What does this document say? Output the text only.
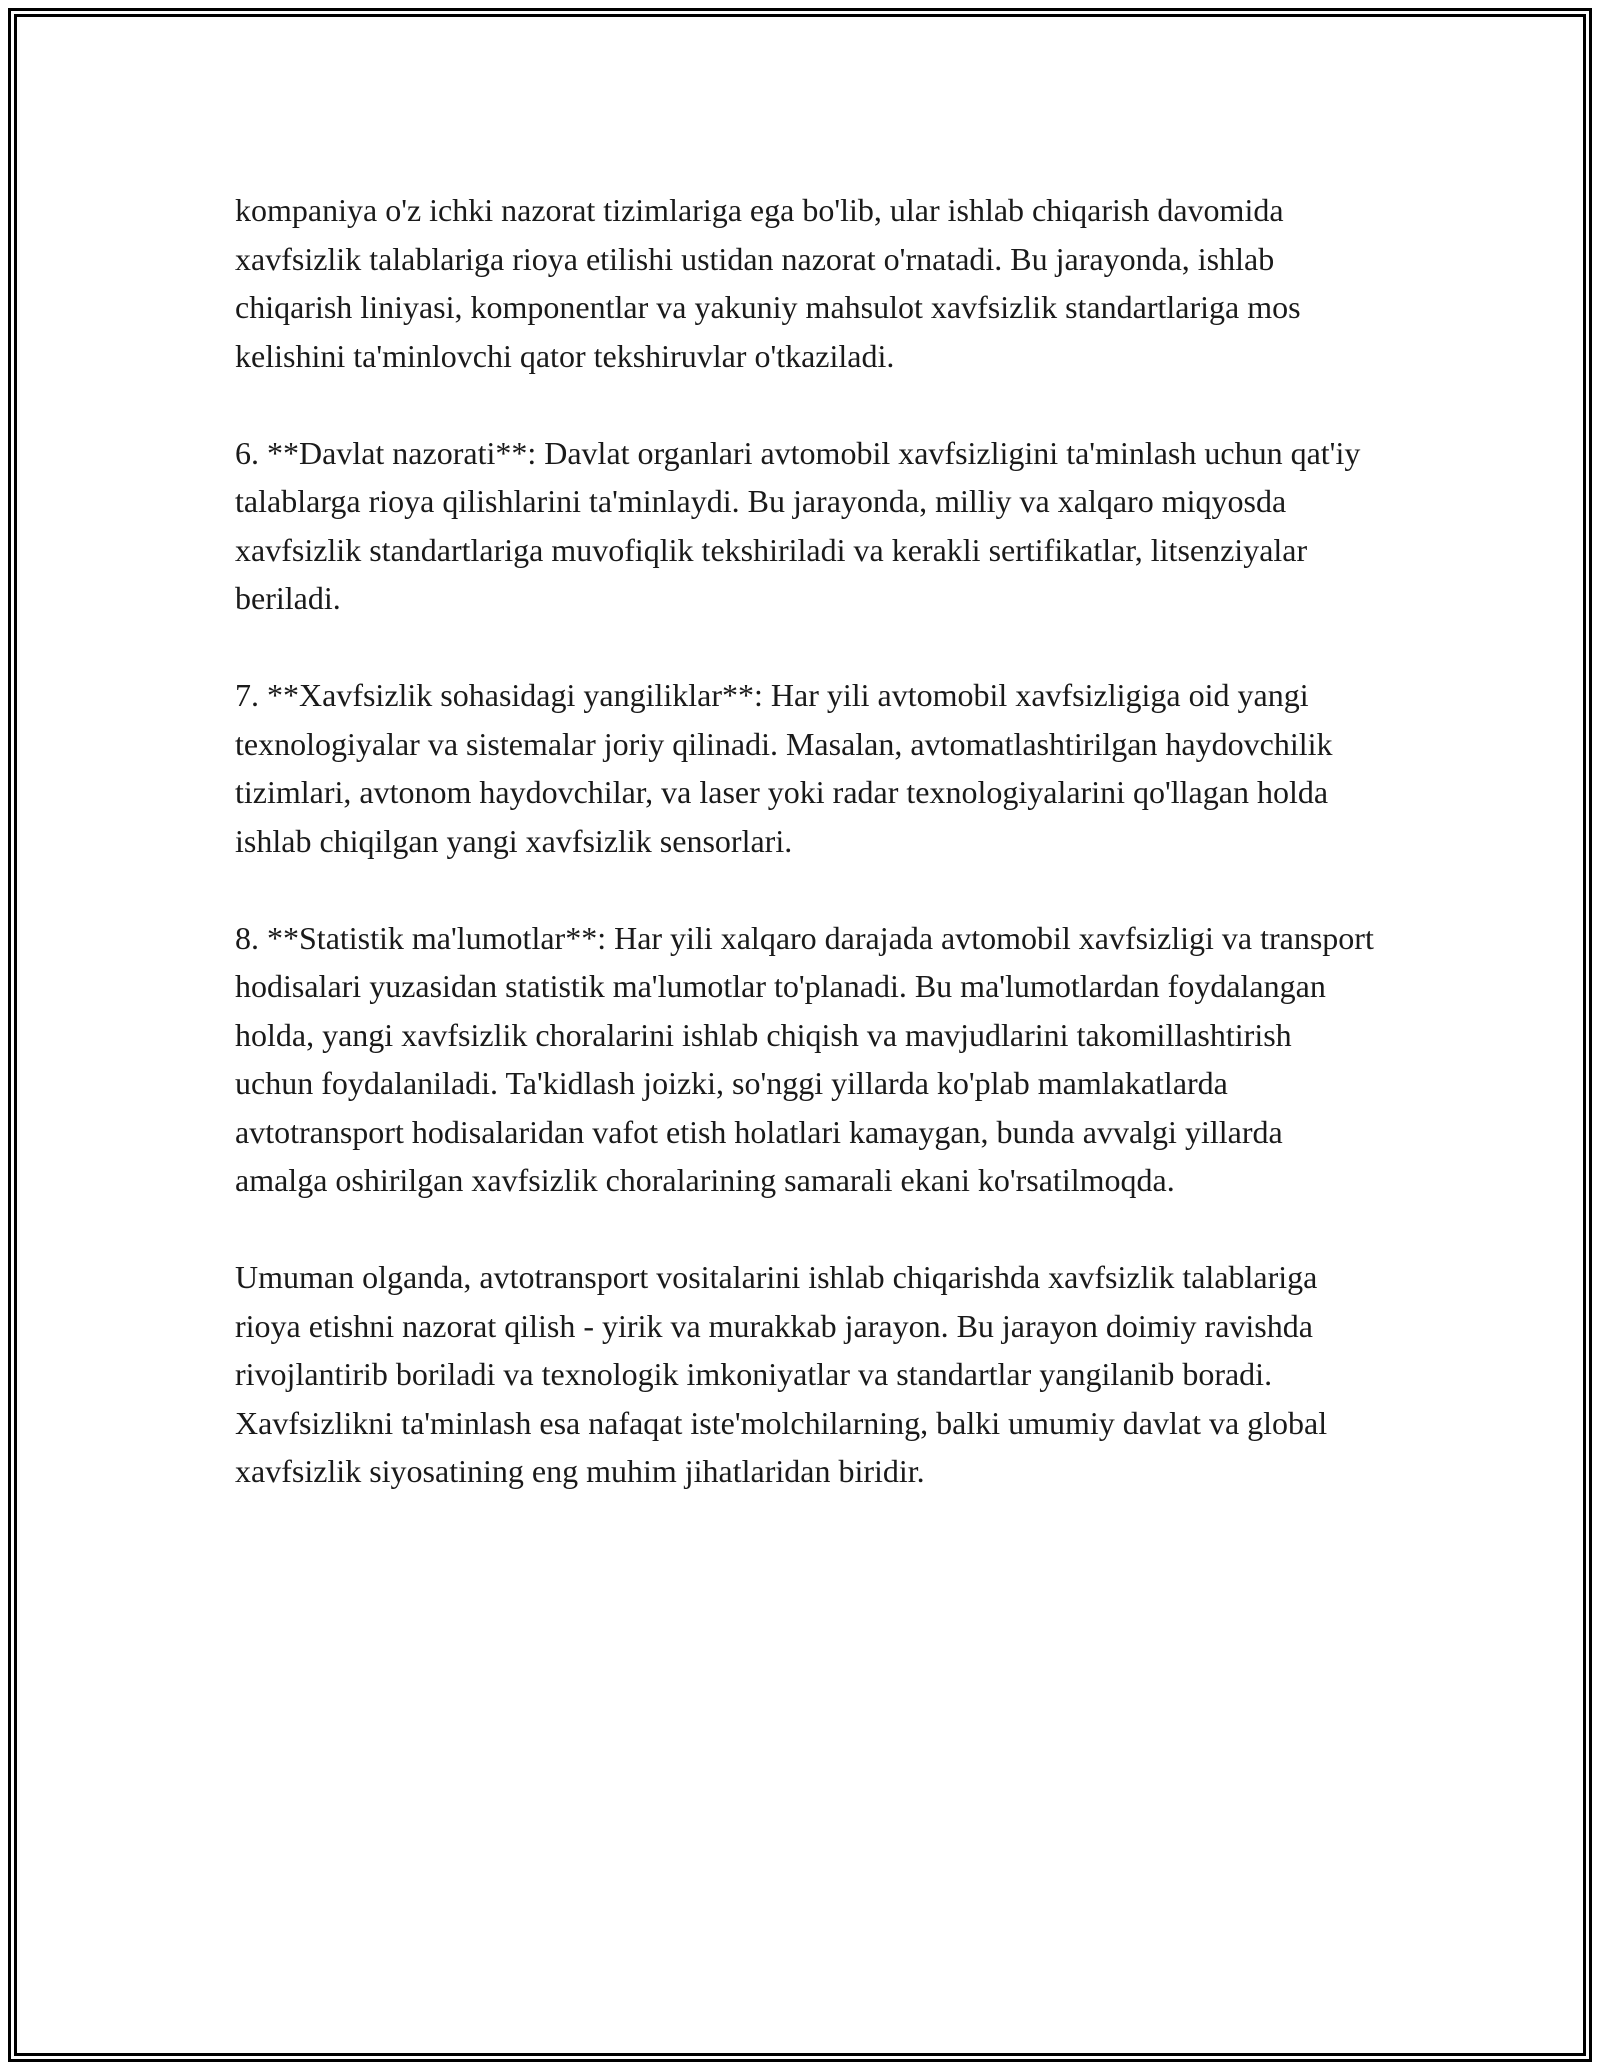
kompaniya o'z ichki nazorat tizimlariga ega bo'lib, ular ishlab chiqarish davomida xavfsizlik talablariga rioya etilishi ustidan nazorat o'rnatadi. Bu jarayonda, ishlab chiqarish liniyasi, komponentlar va yakuniy mahsulot xavfsizlik standartlariga mos kelishini ta'minlovchi qator tekshiruvlar o'tkaziladi.

6. **Davlat nazorati**: Davlat organlari avtomobil xavfsizligini ta'minlash uchun qat'iy talablarga rioya qilishlarini ta'minlaydi. Bu jarayonda, milliy va xalqaro miqyosda xavfsizlik standartlariga muvofiqlik tekshiriladi va kerakli sertifikatlar, litsenziyalar beriladi.

7. **Xavfsizlik sohasidagi yangiliklar**: Har yili avtomobil xavfsizligiga oid yangi texnologiyalar va sistemalar joriy qilinadi. Masalan, avtomatlashtirilgan haydovchilik tizimlari, avtonom haydovchilar, va laser yoki radar texnologiyalarini qo'llagan holda ishlab chiqilgan yangi xavfsizlik sensorlari.

8. **Statistik ma'lumotlar**: Har yili xalqaro darajada avtomobil xavfsizligi va transport hodisalari yuzasidan statistik ma'lumotlar to'planadi. Bu ma'lumotlardan foydalangan holda, yangi xavfsizlik choralarini ishlab chiqish va mavjudlarini takomillashtirish uchun foydalaniladi. Ta'kidlash joizki, so'nggi yillarda ko'plab mamlakatlarda avtotransport hodisalaridan vafot etish holatlari kamaygan, bunda avvalgi yillarda amalga oshirilgan xavfsizlik choralarining samarali ekani ko'rsatilmoqda.

Umuman olganda, avtotransport vositalarini ishlab chiqarishda xavfsizlik talablariga rioya etishni nazorat qilish - yirik va murakkab jarayon. Bu jarayon doimiy ravishda rivojlantirib boriladi va texnologik imkoniyatlar va standartlar yangilanib boradi. Xavfsizlikni ta'minlash esa nafaqat iste'molchilarning, balki umumiy davlat va global xavfsizlik siyosatining eng muhim jihatlaridan biridir.
